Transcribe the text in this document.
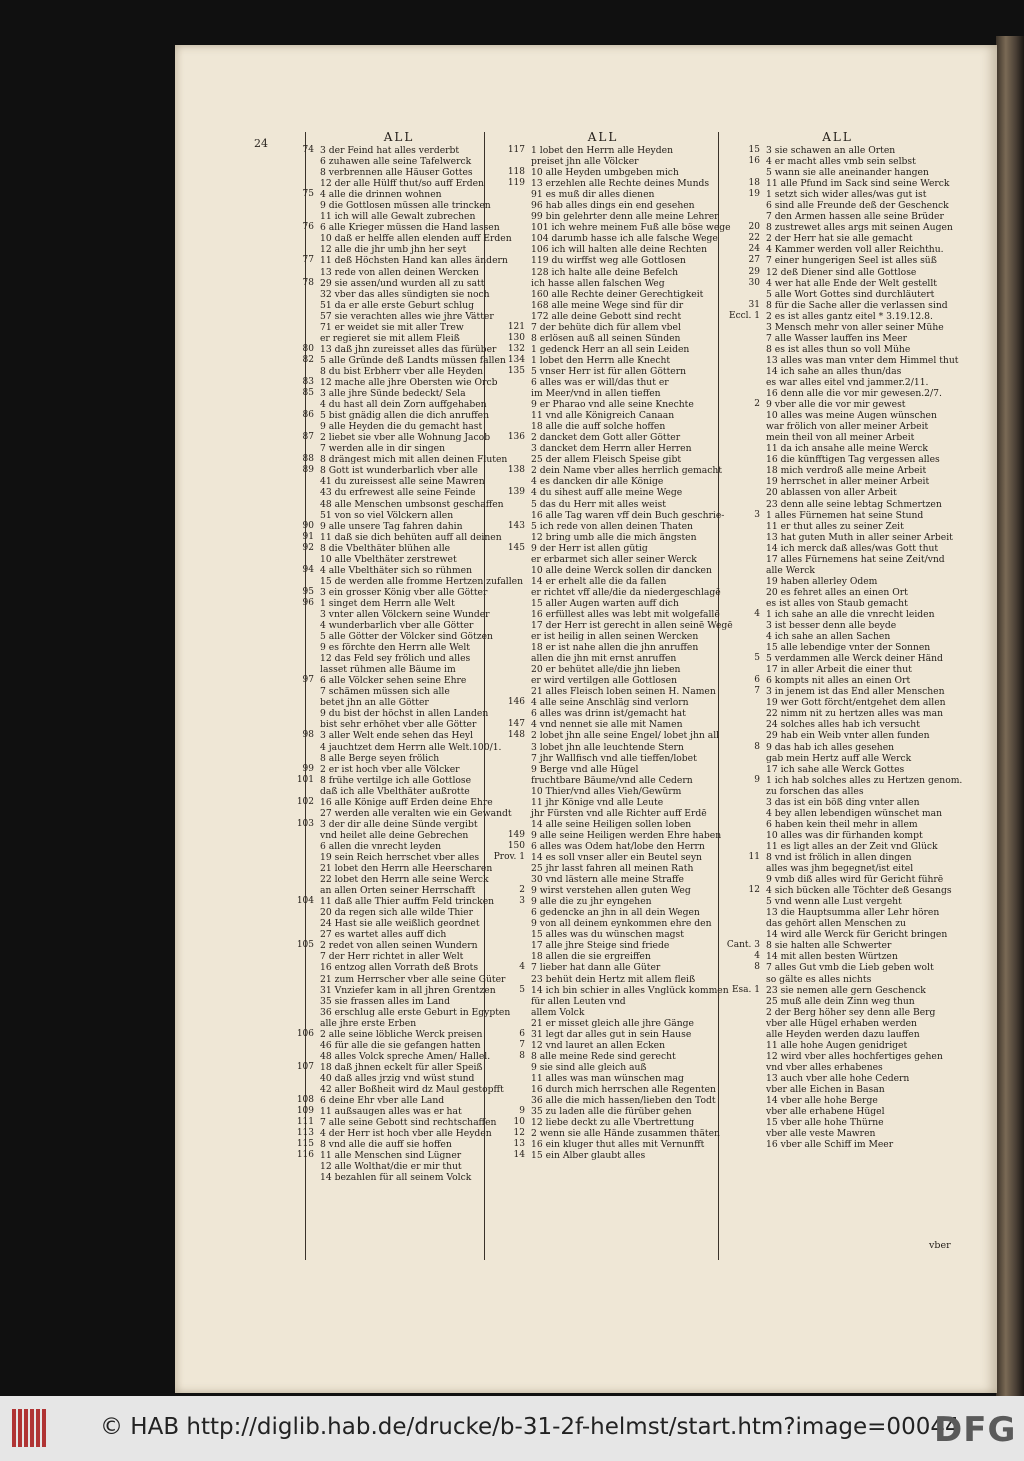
24	ALL
74 3 der Feind hat alles verderbt
6 zuhawen alle seine Tafelwerck
8 verbrennen alle Häuser Gottes
12 der alle Hülff thut/so auff Erden
75 4 alle die drinnen wohnen
9 die Gottlosen müssen alle trincken
11 ich will alle Gewalt zubrechen
76 6 alle Krieger müssen die Hand lassen
10 daß er helffe allen elenden auff Erden
12 alle die jhr umb jhn her seyt
77 11 deß Höchsten Hand kan alles ändern
13 rede von allen deinen Wercken
78 29 sie assen/und wurden all zu satt
32 vber das alles sündigten sie noch
51 da er alle erste Geburt schlug
57 sie verachten alles wie jhre Vätter
71 er weidet sie mit aller Trew
er regieret sie mit allem Fleiß
80 13 daß jhn zureisset alles das fürüber
82 5 alle Gründe deß Landts müssen fallen
8 du bist Erbherr vber alle Heyden
83 12 mache alle jhre Obersten wie Orcb
85 3 alle jhre Sünde bedeckt/ Sela
4 du hast all dein Zorn auffgehaben
86 5 bist gnädig allen die dich anruffen
9 alle Heyden die du gemacht hast
87 2 liebet sie vber alle Wohnung Jacob
7 werden alle in dir singen
88 8 drängest mich mit allen deinen Fluten
89 8 Gott ist wunderbarlich vber alle
41 du zureissest alle seine Mawren
43 du erfrewest alle seine Feinde
48 alle Menschen umbsonst geschaffen
51 von so viel Völckern allen
90 9 alle unsere Tag fahren dahin
91 11 daß sie dich behüten auff all deinen
92 8 die Vbelthäter blühen alle
10 alle Vbelthäter zerstrewet
94 4 alle Vbelthäter sich so rühmen
15 de werden alle fromme Hertzen zufallen
95 3 ein grosser König vber alle Götter
96 1 singet dem Herrn alle Welt
3 vnter allen Völckern seine Wunder
4 wunderbarlich vber alle Götter
5 alle Götter der Völcker sind Götzen
9 es förchte den Herrn alle Welt
12 das Feld sey frölich und alles
lasset rühmen alle Bäume im
97 6 alle Völcker sehen seine Ehre
7 schämen müssen sich alle
betet jhn an alle Götter
9 du bist der höchst in allen Landen
bist sehr erhöhet vber alle Götter
98 3 aller Welt ende sehen das Heyl
4 jauchtzet dem Herrn alle Welt.100/1.
8 alle Berge seyen frölich
99 2 er ist hoch vber alle Völcker
101 8 frühe vertilge ich alle Gottlose
daß ich alle Vbelthäter außrotte
102 16 alle Könige auff Erden deine Ehre
27 werden alle veralten wie ein Gewandt
103 3 der dir alle deine Sünde vergibt
vnd heilet alle deine Gebrechen
6 allen die vnrecht leyden
19 sein Reich herrschet vber alles
21 lobet den Herrn alle Heerscharen
22 lobet den Herrn alle seine Werck
an allen Orten seiner Herrschafft
104 11 daß alle Thier auffm Feld trincken
20 da regen sich alle wilde Thier
24 Hast sie alle weißlich geordnet
27 es wartet alles auff dich
105 2 redet von allen seinen Wundern
7 der Herr richtet in aller Welt
16 entzog allen Vorrath deß Brots
21 zum Herrscher vber alle seine Güter
31 Vnziefer kam in all jhren Grentzen
35 sie frassen alles im Land
36 erschlug alle erste Geburt in Egypten
alle jhre erste Erben
106 2 alle seine löbliche Werck preisen
46 für alle die sie gefangen hatten
48 alles Volck spreche Amen/ Hallel.
107 18 daß jhnen eckelt für aller Speiß
40 daß alles jrzig vnd wüst stund
42 aller Boßheit wird dz Maul gestopfft
108 6 deine Ehr vber alle Land
109 11 außsaugen alles was er hat
111 7 alle seine Gebott sind rechtschaffen
113 4 der Herr ist hoch vber alle Heyden
115 8 vnd alle die auff sie hoffen
116 11 alle Menschen sind Lügner
12 alle Wolthat/die er mir thut
14 bezahlen für all seinem Volck
ALL
117 1 lobet den Herrn alle Heyden
preiset jhn alle Völcker
118 10 alle Heyden umbgeben mich
119 13 erzehlen alle Rechte deines Munds
91 es muß dir alles dienen
96 hab alles dings ein end gesehen
99 bin gelehrter denn alle meine Lehrer
101 ich wehre meinem Fuß alle böse wege
104 darumb hasse ich alle falsche Wege
106 ich will halten alle deine Rechten
119 du wirffst weg alle Gottlosen
128 ich halte alle deine Befelch
ich hasse allen falschen Weg
160 alle Rechte deiner Gerechtigkeit
168 alle meine Wege sind für dir
172 alle deine Gebott sind recht
121 7 der behüte dich für allem vbel
130 8 erlösen auß all seinen Sünden
132 1 gedenck Herr an all sein Leiden
134 1 lobet den Herrn alle Knecht
135 5 vnser Herr ist für allen Göttern
6 alles was er will/das thut er
im Meer/vnd in allen tieffen
9 er Pharao vnd alle seine Knechte
11 vnd alle Königreich Canaan
18 alle die auff solche hoffen
136 2 dancket dem Gott aller Götter
3 dancket dem Herrn aller Herren
25 der allem Fleisch Speise gibt
138 2 dein Name vber alles herrlich gemacht
4 es dancken dir alle Könige
139 4 du sihest auff alle meine Wege
5 das du Herr mit alles weist
16 alle Tag waren vff dein Buch geschrie-
143 5 ich rede von allen deinen Thaten
12 bring umb alle die mich ängsten
145 9 der Herr ist allen gütig
er erbarmet sich aller seiner Werck
10 alle deine Werck sollen dir dancken
14 er erhelt alle die da fallen
er richtet vff alle/die da niedergeschlagē
15 aller Augen warten auff dich
16 erfüllest alles was lebt mit wolgefallē
17 der Herr ist gerecht in allen seinē Wegē
er ist heilig in allen seinen Wercken
18 er ist nahe allen die jhn anruffen
allen die jhn mit ernst anruffen
20 er behütet alle/die jhn lieben
er wird vertilgen alle Gottlosen
21 alles Fleisch loben seinen H. Namen
146 4 alle seine Anschläg sind verlorn
6 alles was drinn ist/gemacht hat
147 4 vnd nennet sie alle mit Namen
148 2 lobet jhn alle seine Engel/ lobet jhn all
3 lobet jhn alle leuchtende Stern
7 jhr Wallfisch vnd alle tieffen/lobet
9 Berge vnd alle Hügel
fruchtbare Bäume/vnd alle Cedern
10 Thier/vnd alles Vieh/Gewürm
11 jhr Könige vnd alle Leute
jhr Fürsten vnd alle Richter auff Erdē
14 alle seine Heiligen sollen loben
149 9 alle seine Heiligen werden Ehre haben
150 6 alles was Odem hat/lobe den Herrn
Prov. 1 14 es soll vnser aller ein Beutel seyn
25 jhr lasst fahren all meinen Rath
30 vnd lästern alle meine Straffe
2 9 wirst verstehen allen guten Weg
3 9 alle die zu jhr eyngehen
6 gedencke an jhn in all dein Wegen
9 von all deinem eynkommen ehre den
15 alles was du wünschen magst
17 alle jhre Steige sind friede
18 allen die sie ergreiffen
4 7 lieber hat dann alle Güter
23 behüt dein Hertz mit allem fleiß
5 14 ich bin schier in alles Vnglück kommen
für allen Leuten vnd
allem Volck
21 er misset gleich alle jhre Gänge
6 31 legt dar alles gut in sein Hause
7 12 vnd lauret an allen Ecken
8 8 alle meine Rede sind gerecht
9 sie sind alle gleich auß
11 alles was man wünschen mag
16 durch mich herrschen alle Regenten
36 alle die mich hassen/lieben den Todt
9 35 zu laden alle die fürüber gehen
10 12 liebe deckt zu alle Vbertrettung
12 2 wenn sie alle Hände zusammen thäten
13 16 ein kluger thut alles mit Vernunfft
14 15 ein Alber glaubt alles
ALL
15 3 sie schawen an alle Orten
16 4 er macht alles vmb sein selbst
5 wann sie alle aneinander hangen
18 11 alle Pfund im Sack sind seine Werck
19 1 setzt sich wider alles/was gut ist
6 sind alle Freunde deß der Geschenck
7 den Armen hassen alle seine Brüder
20 8 zustrewet alles args mit seinen Augen
22 2 der Herr hat sie alle gemacht
24 4 Kammer werden voll aller Reichthu.
27 7 einer hungerigen Seel ist alles süß
29 12 deß Diener sind alle Gottlose
30 4 wer hat alle Ende der Welt gestellt
5 alle Wort Gottes sind durchläutert
31 8 für die Sache aller die verlassen sind
Eccl. 1 2 es ist alles gantz eitel * 3.19.12.8.
3 Mensch mehr von aller seiner Mühe
7 alle Wasser lauffen ins Meer
8 es ist alles thun so voll Mühe
13 alles was man vnter dem Himmel thut
14 ich sahe an alles thun/das
es war alles eitel vnd jammer.2/11.
16 denn alle die vor mir gewesen.2/7.
2 9 vber alle die vor mir gewest
10 alles was meine Augen wünschen
war frölich von aller meiner Arbeit
mein theil von all meiner Arbeit
11 da ich ansahe alle meine Werck
16 die künfftigen Tag vergessen alles
18 mich verdroß alle meine Arbeit
19 herrschet in aller meiner Arbeit
20 ablassen von aller Arbeit
23 denn alle seine lebtag Schmertzen
3 1 alles Fürnemen hat seine Stund
11 er thut alles zu seiner Zeit
13 hat guten Muth in aller seiner Arbeit
14 ich merck daß alles/was Gott thut
17 alles Fürnemens hat seine Zeit/vnd
alle Werck
19 haben allerley Odem
20 es fehret alles an einen Ort
es ist alles von Staub gemacht
4 1 ich sahe an alle die vnrecht leiden
3 ist besser denn alle beyde
4 ich sahe an allen Sachen
15 alle lebendige vnter der Sonnen
5 5 verdammen alle Werck deiner Händ
17 in aller Arbeit die einer thut
6 6 kompts nit alles an einen Ort
7 3 in jenem ist das End aller Menschen
19 wer Gott förcht/entgehet dem allen
22 nimm nit zu hertzen alles was man
24 solches alles hab ich versucht
29 hab ein Weib vnter allen funden
8 9 das hab ich alles gesehen
gab mein Hertz auff alle Werck
17 ich sahe alle Werck Gottes
9 1 ich hab solches alles zu Hertzen genom.
zu forschen das alles
3 das ist ein böß ding vnter allen
4 bey allen lebendigen wünschet man
6 haben kein theil mehr in allem
10 alles was dir fürhanden kompt
11 es ligt alles an der Zeit vnd Glück
11 8 vnd ist frölich in allen dingen
alles was jhm begegnet/ist eitel
9 vmb diß alles wird für Gericht führē
12 4 sich bücken alle Töchter deß Gesangs
5 vnd wenn alle Lust vergeht
13 die Hauptsumma aller Lehr hören
das gehört allen Menschen zu
14 wird alle Werck für Gericht bringen
Cant. 3 8 sie halten alle Schwerter
4 14 mit allen besten Würtzen
8 7 alles Gut vmb die Lieb geben wolt
so gälte es alles nichts
Esa. 1 23 sie nemen alle gern Geschenck
25 muß alle dein Zinn weg thun
2 der Berg höher sey denn alle Berg
vber alle Hügel erhaben werden
alle Heyden werden dazu lauffen
11 alle hohe Augen genidriget
12 wird vber alles hochfertiges gehen
vnd vber alles erhabenes
13 auch vber alle hohe Cedern
vber alle Eichen in Basan
14 vber alle hohe Berge
vber alle erhabene Hügel
15 vber alle hohe Thürne
vber alle veste Mawren
16 vber alle Schiff im Meer
vber
© HAB http://diglib.hab.de/drucke/b-31-2f-helmst/start.htm?image=00044
DFG
